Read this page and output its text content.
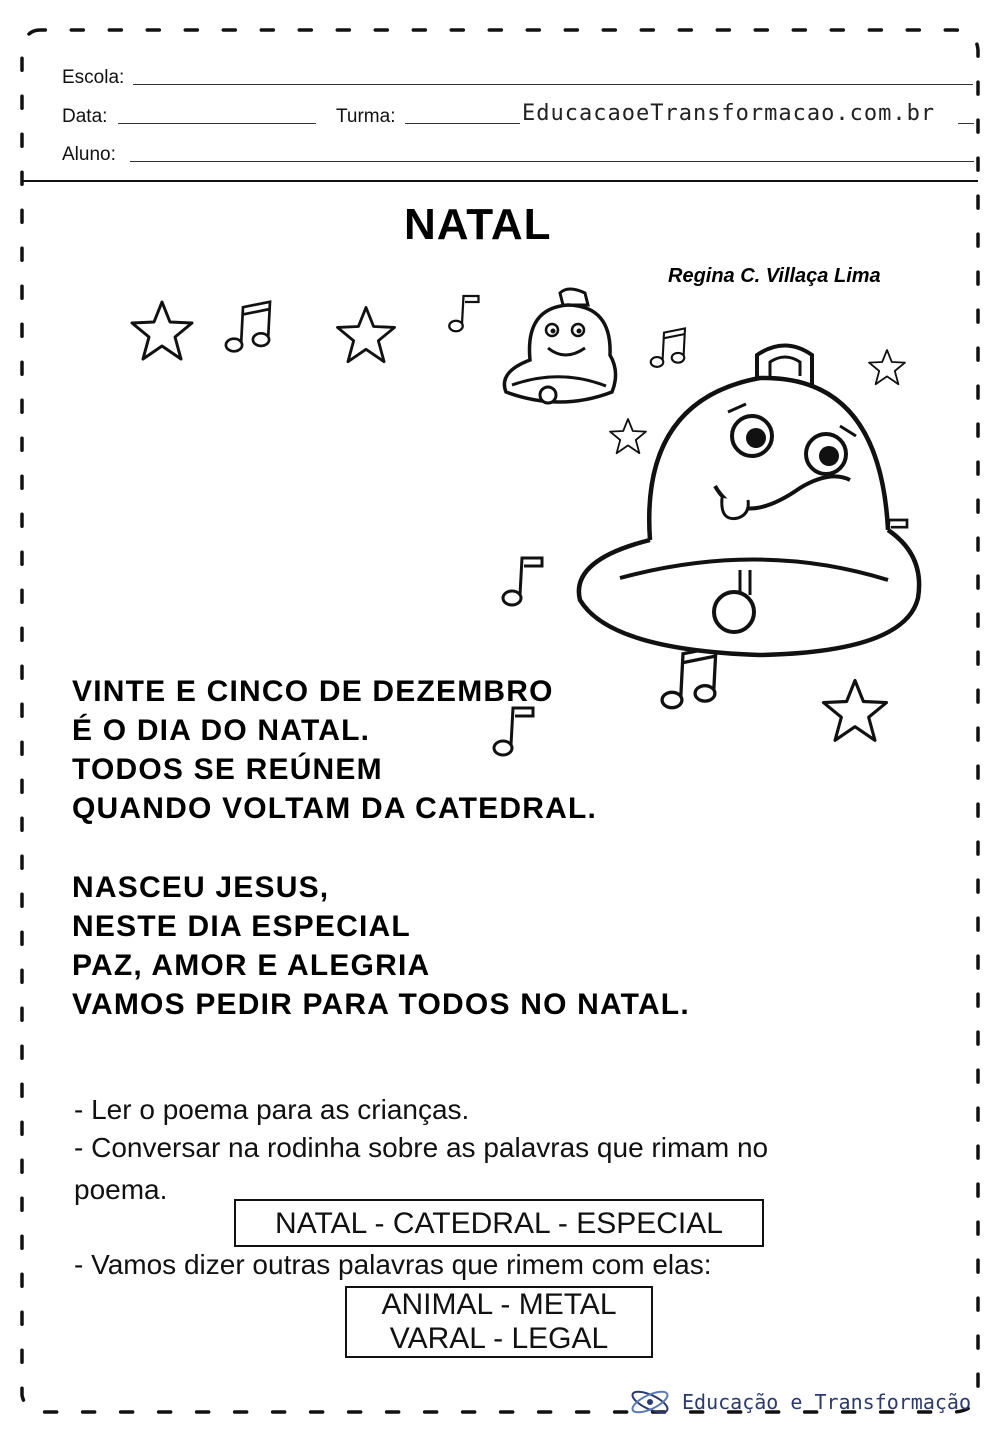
Escola:
Data:	Turma:	EducacaoeTransformacao.com.br
Aluno:
NATAL
Regina C. Villaça Lima
VINTE E CINCO DE DEZEMBRO
É O DIA DO NATAL.
TODOS SE REÚNEM
QUANDO VOLTAM DA CATEDRAL.
NASCEU JESUS,
NESTE DIA ESPECIAL
PAZ, AMOR E ALEGRIA
VAMOS PEDIR PARA TODOS NO NATAL.
- Ler o poema para as crianças.
- Conversar na rodinha sobre as palavras que rimam no
poema.
NATAL - CATEDRAL - ESPECIAL
- Vamos dizer outras palavras que rimem com elas:
ANIMAL - METAL
VARAL - LEGAL
Educação e Transformação
